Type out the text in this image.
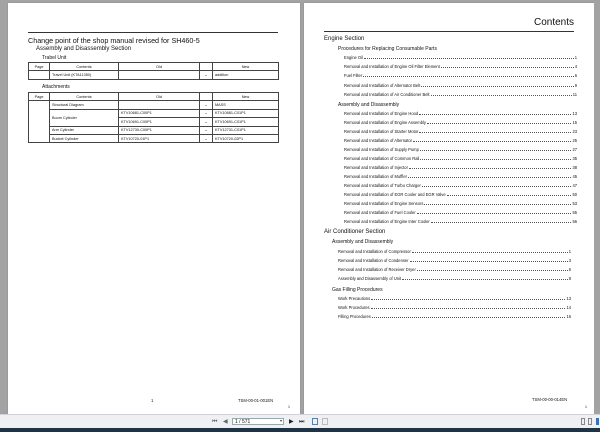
Change point of the shop manual revised for SH460-5
Assembly and Disassembly Section
Trabel Unit
Page	Contents	Old		New
	Travel Unit (KTA11350)		→	addition
Attachments
Page	Contents	Old		New
	Structural Diagram		→	MASS
	Boom Cylinder	KTV10681-C00P1	→	KTV10681-C01P1
		KTV10691-C00P1	→	KTV10691-C01P1
	Arm Cylinder	KTV12730-C00P1	→	KTV12731-C01P1
	Bucket Cylinder	KTV10720-01P1	→	KTV10720-02P1
1	TSM-00-01-001EN
1
Contents
Engine Section
Procedures for Replacing Consumable Parts
Engine Oil	1
Removal and Installation of Engine Oil Filter Element	4
Fuel Filter	6
Removal and Installation of Alternator Belt	9
Removal and Installation of Air Conditioner Belt	11
Assembly and Disassembly
Removal and Installation of Engine Hood	13
Removal and Installation of Engine Assembly	15
Removal and Installation of Starter Motor	23
Removal and Installation of Alternator	25
Removal and Installation of Supply Pump	27
Removal and Installation of Common Rail	35
Removal and Installation of Injector	38
Removal and Installation of Muffler	45
Removal and Installation of Turbo Charger	47
Removal and Installation of EGR Cooler and EGR Valve	50
Removal and Installation of Engine Sensors	53
Removal and Installation of Fuel Cooler	55
Removal and Installation of Engine Inter Cooler	56
Air Conditioner Section
Assembly and Disassembly
Removal and Installation of Compressor	1
Removal and Installation of Condenser	3
Removal and Installation of Receiver Dryer	6
Assembly and Disassembly of Unit	8
Gas Filling Procedures
Work Precautions	13
Work Procedures	14
Filling Procedures	16
TSM-00-00-014EN
1
⏮ ◀	1 / 571	▾ ▶ ⏭
